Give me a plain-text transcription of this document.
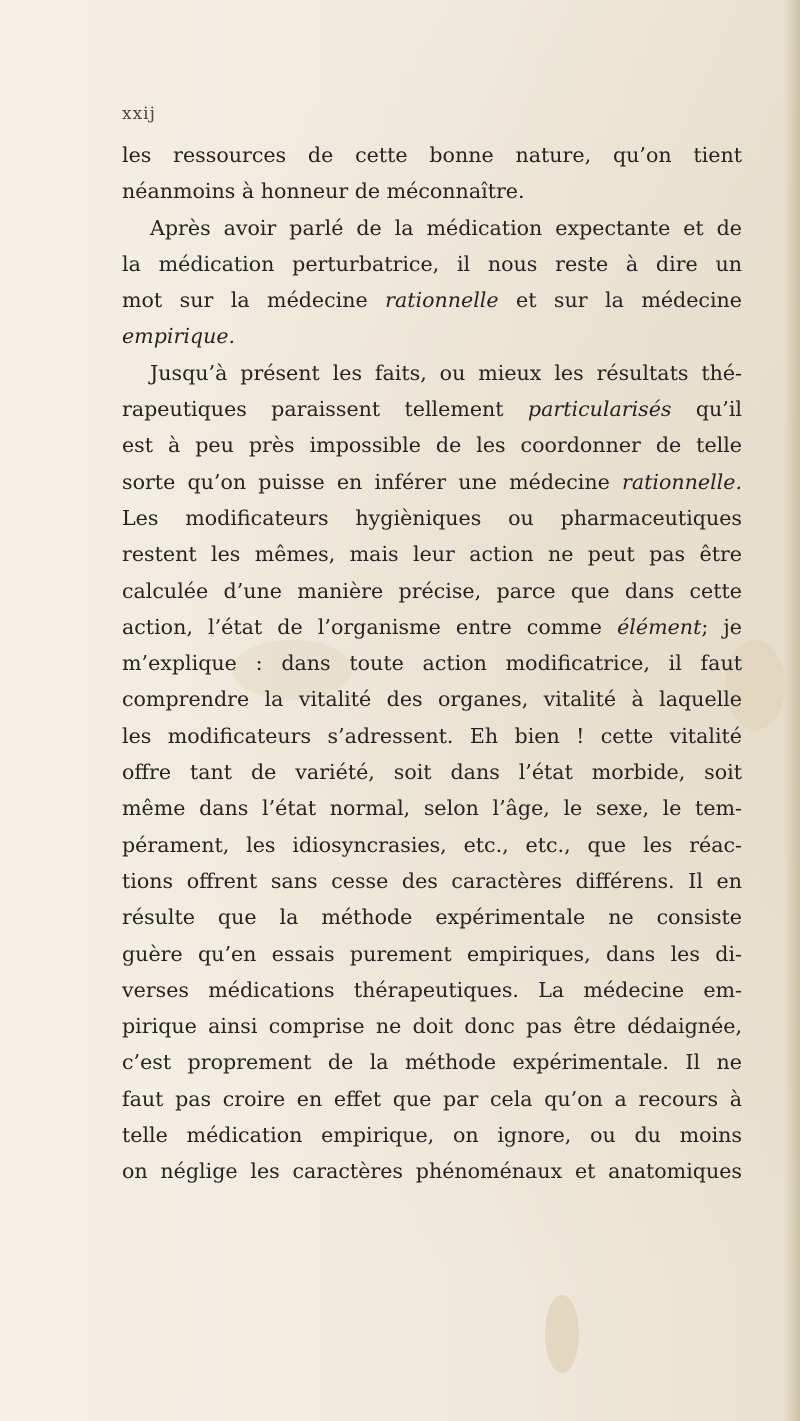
xxij
les ressources de cette bonne nature, qu’on tient
néanmoins à honneur de méconnaître.
Après avoir parlé de la médication expectante et de
la médication perturbatrice, il nous reste à dire un
mot sur la médecine rationnelle et sur la médecine
empirique.
Jusqu’à présent les faits, ou mieux les résultats thé-
rapeutiques paraissent tellement particularisés qu’il
est à peu près impossible de les coordonner de telle
sorte qu’on puisse en inférer une médecine rationnelle.
Les modificateurs hygièniques ou pharmaceutiques
restent les mêmes, mais leur action ne peut pas être
calculée d’une manière précise, parce que dans cette
action, l’état de l’organisme entre comme élément; je
m’explique : dans toute action modificatrice, il faut
comprendre la vitalité des organes, vitalité à laquelle
les modificateurs s’adressent. Eh bien ! cette vitalité
offre tant de variété, soit dans l’état morbide, soit
même dans l’état normal, selon l’âge, le sexe, le tem-
pérament, les idiosyncrasies, etc., etc., que les réac-
tions offrent sans cesse des caractères différens. Il en
résulte que la méthode expérimentale ne consiste
guère qu’en essais purement empiriques, dans les di-
verses médications thérapeutiques. La médecine em-
pirique ainsi comprise ne doit donc pas être dédaignée,
c’est proprement de la méthode expérimentale. Il ne
faut pas croire en effet que par cela qu’on a recours à
telle médication empirique, on ignore, ou du moins
on néglige les caractères phénoménaux et anatomiques
